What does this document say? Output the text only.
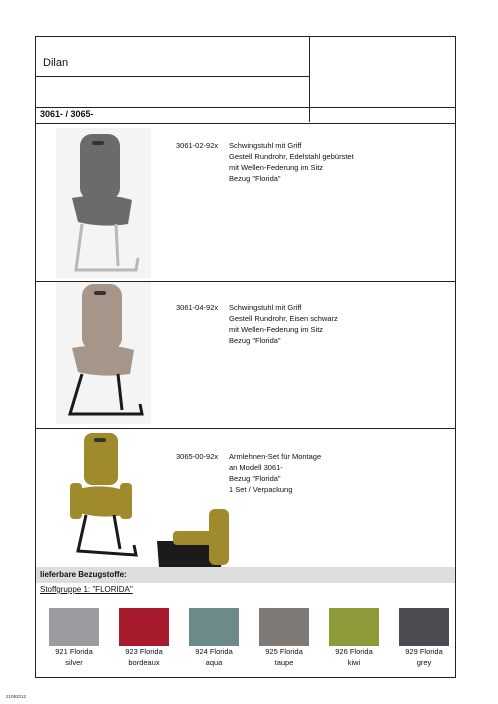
Dilan
3061- / 3065-
3061-02-92x	Schwingstuhl mit Griff
Gestell Rundrohr, Edelstahl gebürstet
mit Wellen-Federung im Sitz
Bezug "Florida"
3061-04-92x	Schwingstuhl mit Griff
Gestell Rundrohr, Eisen schwarz
mit Wellen-Federung im Sitz
Bezug "Florida"
3065-00-92x	Armlehnen-Set für Montage
an Modell 3061-
Bezug "Florida"
1 Set / Verpackung
lieferbare Bezugstoffe:
Stoffgruppe 1: "FLORIDA"
921 Florida
silver
923 Florida
bordeaux
924 Florida
aqua
925 Florida
taupe
926 Florida
kiwi
929 Florida
grey
21092012
